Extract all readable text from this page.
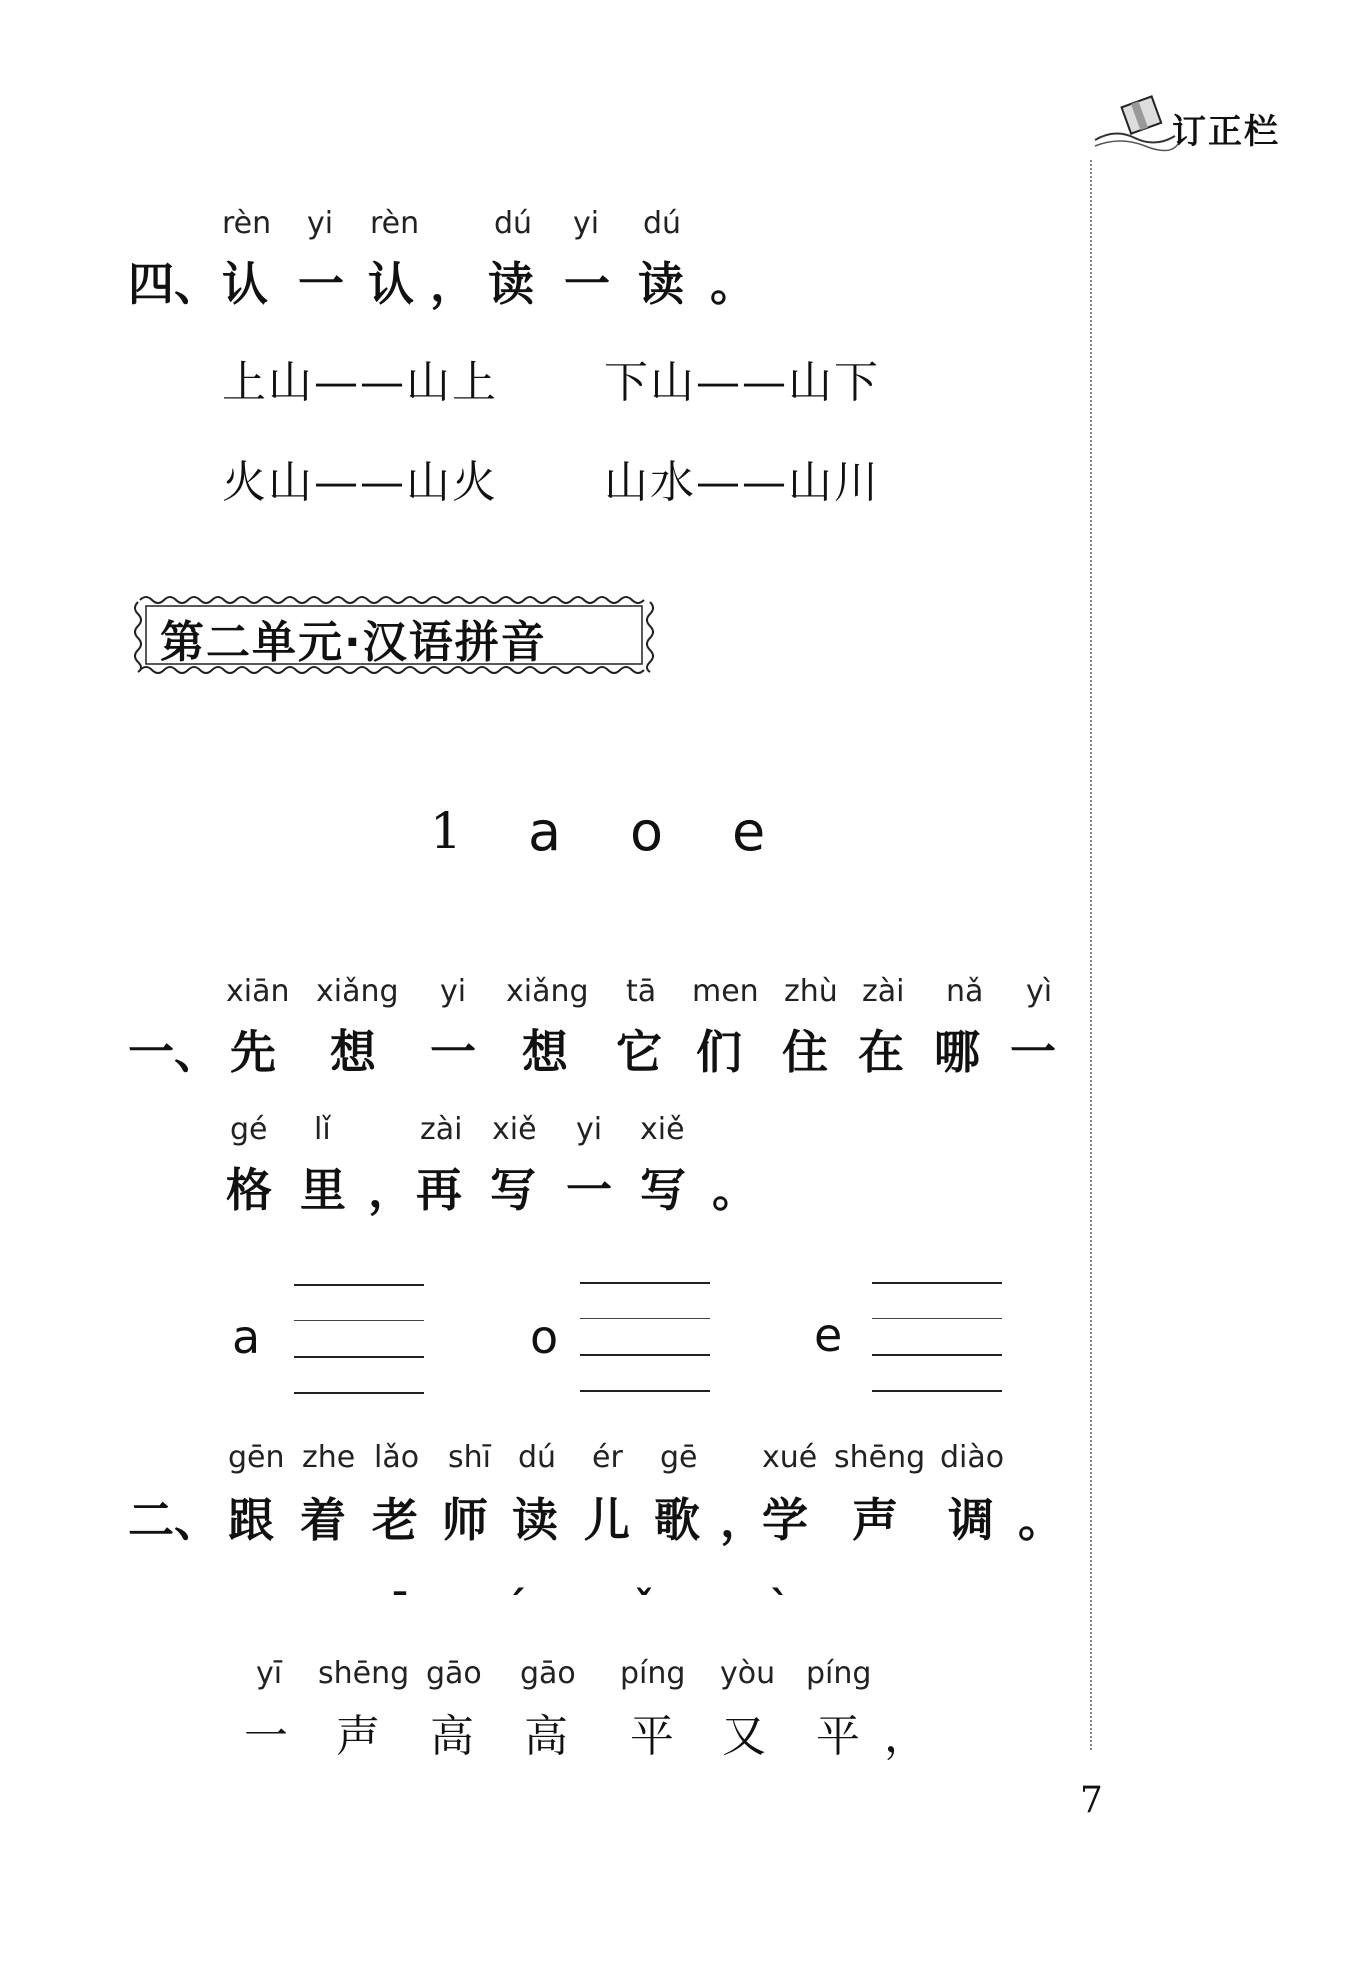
订正栏
rèn yi rèn dú yi dú
四、 认 一 认 ， 读 一 读 。
上山——山上 下山——山下
火山——山火 山水——山川
第二单元·汉语拼音
1 a o e
xiān xiǎng yi xiǎng tā men zhù zài nǎ yì
一、 先 想 一 想 它 们 住 在 哪 一
gé lǐ	zài xiě yi xiě
格 里 ， 再 写 一 写 。
a	o	e
gēn zhe lǎo shī dú ér gē xué shēng diào
二、 跟 着 老 师 读 儿 歌 ，
学 声 调 。
ˉ ˊ	ˇ	ˋ
yī shēng gāo gāo píng yòu píng
一 声 高 高 平 又 平 ，
7
